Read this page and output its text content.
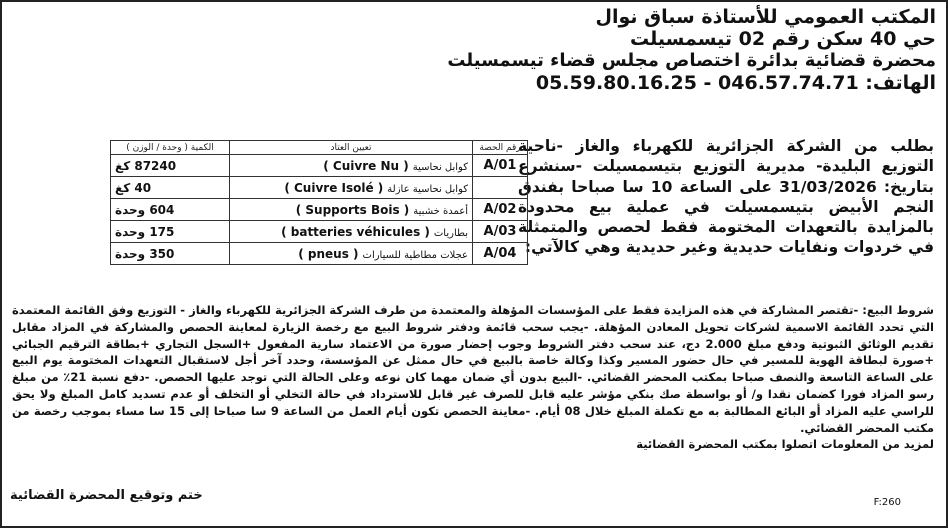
المكتب العمومي للأستاذة سباق نوال
حي 40 سكن رقم 02 تيسمسيلت
محضرة قضائية بدائرة اختصاص مجلس قضاء تيسمسيلت
الهاتف: 046.57.74.71 - 05.59.80.16.25
بطلب من الشركة الجزائرية للكهرباء والغاز -ناحية التوزيع البليدة- مديرية التوزيع بتيسمسيلت -سنشرع بتاريخ: 31/03/2026 على الساعة 10 سا صباحا بفندق النجم الأبيض بتيسمسيلت في عملية بيع محدودة بالمزايدة بالتعهدات المختومة فقط لحصص والمتمثلة في خردوات ونفايات حديدية وغير حديدية وهي كالآتي:
رقم الحصة	تعيين العتاد	الكمية ( وحدة / الوزن )
A/01	كوابل نحاسية( Cuivre Nu )	87240 كغ
	كوابل نحاسية عازلة( Cuivre Isolé )	40 كغ
A/02	أعمدة خشبية( Supports Bois )	604 وحدة
A/03	بطاريات( batteries véhicules )	175 وحدة
A/04	عجلات مطاطية للسيارات( pneus )	350 وحدة
شروط البيع: -تقتصر المشاركة في هذه المزايدة فقط على المؤسسات المؤهلة والمعتمدة من طرف الشركة الجزائرية للكهرباء والغاز - التوزيع وفق القائمة المعتمدة التي تحدد القائمة الاسمية لشركات تحويل المعادن المؤهلة. -يجب سحب قائمة ودفتر شروط البيع مع رخصة الزيارة لمعاينة الحصص والمشاركة في المزاد مقابل تقديم الوثائق الثبوتية ودفع مبلغ 2.000 دج، عند سحب دفتر الشروط وجوب إحضار صورة من الاعتماد سارية المفعول +السجل التجاري +بطاقة الترقيم الجبائي +صورة لبطاقة الهوية للمسير في حال حضور المسير وكذا وكالة خاصة بالبيع في حال ممثل عن المؤسسة، وحدد آخر أجل لاستقبال التعهدات المختومة يوم البيع على الساعة التاسعة والنصف صباحا بمكتب المحضر القضائي. -البيع بدون أي ضمان مهما كان نوعه وعلى الحالة التي توجد عليها الحصص. -دفع نسبة 21٪ من مبلغ رسو المزاد فورا كضمان نقدا و/ أو بواسطة صك بنكي مؤشر عليه قابل للصرف غير قابل للاسترداد في حالة التخلي أو التخلف أو عدم تسديد كامل المبلغ ولا يحق للراسي عليه المزاد أو البائع المطالبة به مع تكملة المبلغ خلال 08 أيام. -معاينة الحصص تكون أيام العمل من الساعة 9 سا صباحا إلى 15 سا مساء بموجب رخصة من مكتب المحضر القضائي.
لمزيد من المعلومات اتصلوا بمكتب المحضرة القضائية
ختم وتوقيع المحضرة القضائية	F:260
